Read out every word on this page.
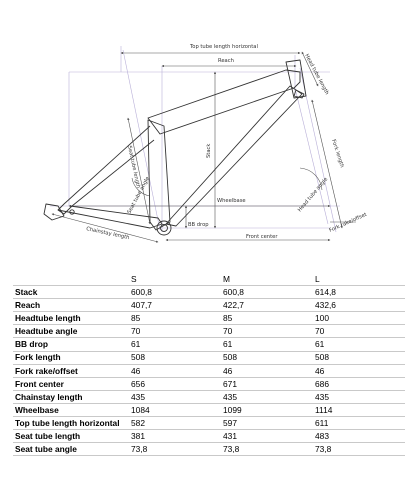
Top tube length horizontal
Reach
Stack
Wheelbase
BB drop
Chainstay length	Front center
Head tube length
Fork length
Seat tube length
Seat tube angle	Head tube angle
Fork rake/offset
	S	M	L
Stack	600,8	600,8	614,8
Reach	407,7	422,7	432,6
Headtube length	85	85	100
Headtube angle	70	70	70
BB drop	61	61	61
Fork length	508	508	508
Fork rake/offset	46	46	46
Front center	656	671	686
Chainstay length	435	435	435
Wheelbase	1084	1099	1114
Top tube length horizontal	582	597	611
Seat tube length	381	431	483
Seat tube angle	73,8	73,8	73,8
